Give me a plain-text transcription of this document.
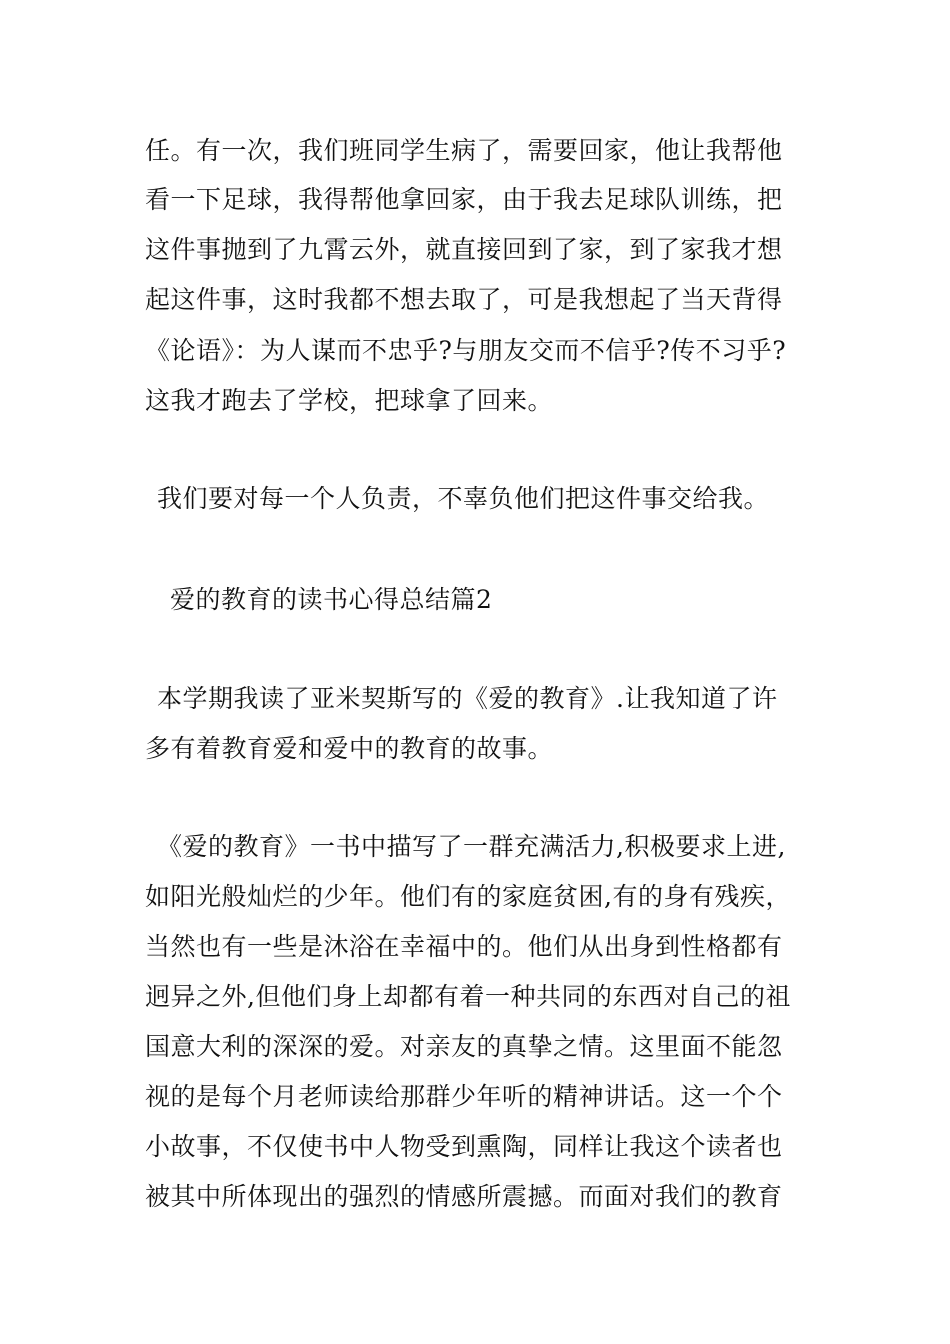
任。有一次，我们班同学生病了，需要回家，他让我帮他
看一下足球，我得帮他拿回家，由于我去足球队训练，把
这件事抛到了九霄云外，就直接回到了家，到了家我才想
起这件事，这时我都不想去取了，可是我想起了当天背得
《论语》：为人谋而不忠乎?与朋友交而不信乎?传不习乎?
这我才跑去了学校，把球拿了回来。
我们要对每一个人负责，不辜负他们把这件事交给我。
爱的教育的读书心得总结篇2
本学期我读了亚米契斯写的《爱的教育》.让我知道了许
多有着教育爱和爱中的教育的故事。
《爱的教育》一书中描写了一群充满活力,积极要求上进,
如阳光般灿烂的少年。他们有的家庭贫困,有的身有残疾，
当然也有一些是沐浴在幸福中的。他们从出身到性格都有
迥异之外,但他们身上却都有着一种共同的东西对自己的祖
国意大利的深深的爱。对亲友的真挚之情。这里面不能忽
视的是每个月老师读给那群少年听的精神讲话。这一个个
小故事，不仅使书中人物受到熏陶，同样让我这个读者也
被其中所体现出的强烈的情感所震撼。而面对我们的教育
